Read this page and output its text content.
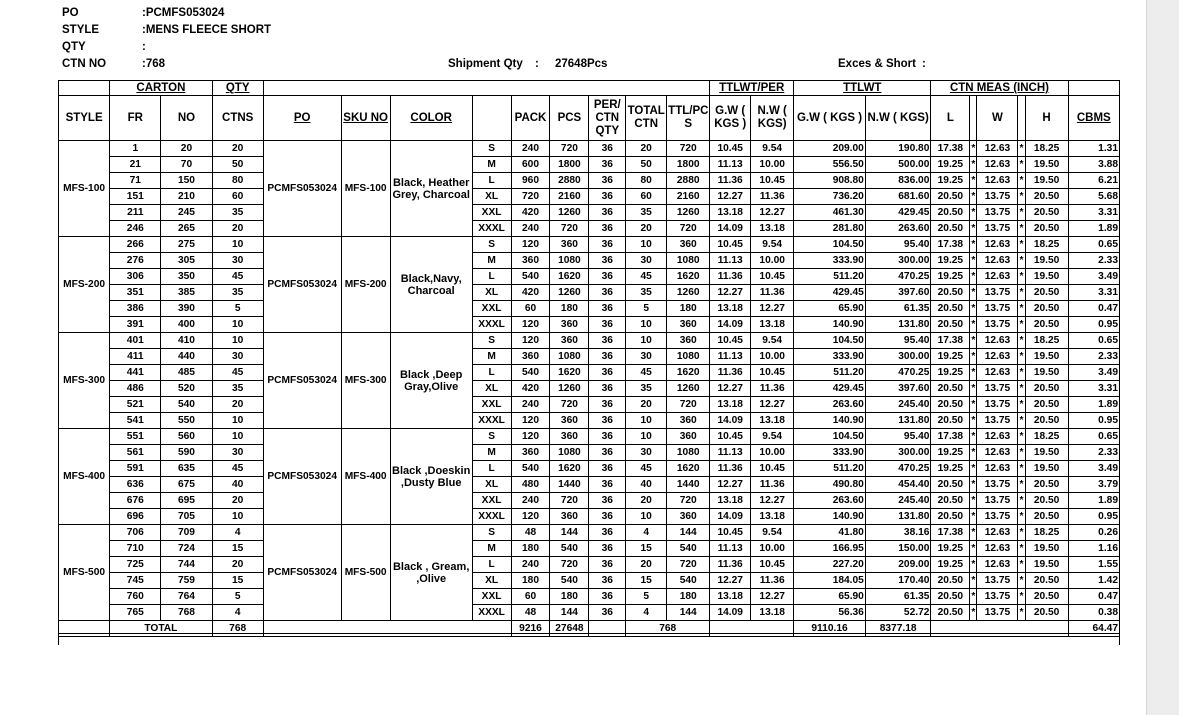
PO	:PCMFS053024
STYLE	:MENS FLEECE SHORT
QTY	:
CTN NO	:768	Shipment Qty : 27648Pcs	Exces & Short :
	CARTON		QTY										TTLWT/PER		TTLWT		CTN MEAS (INCH)					
STYLE	FR	NO	CTNS	PO	SKU NO	COLOR		PACK	PCS	PER/ CTN QTY	TOTAL CTN	TTL/PC S	G.W ( KGS )	N.W ( KGS)	G.W ( KGS )	N.W ( KGS)	L		W		H	CBMS
MFS-100	1	20	20	PCMFS053024	MFS-100	Black, Heather Grey, Charcoal	S	240	720	36	20	720	10.45	9.54	209.00	190.80	17.38	*	12.63	*	18.25	1.31
	21	70	50				M	600	1800	36	50	1800	11.13	10.00	556.50	500.00	19.25	*	12.63	*	19.50	3.88
	71	150	80				L	960	2880	36	80	2880	11.36	10.45	908.80	836.00	19.25	*	12.63	*	19.50	6.21
	151	210	60				XL	720	2160	36	60	2160	12.27	11.36	736.20	681.60	20.50	*	13.75	*	20.50	5.68
	211	245	35				XXL	420	1260	36	35	1260	13.18	12.27	461.30	429.45	20.50	*	13.75	*	20.50	3.31
	246	265	20				XXXL	240	720	36	20	720	14.09	13.18	281.80	263.60	20.50	*	13.75	*	20.50	1.89
MFS-200	266	275	10	PCMFS053024	MFS-200	Black,Navy, Charcoal	S	120	360	36	10	360	10.45	9.54	104.50	95.40	17.38	*	12.63	*	18.25	0.65
	276	305	30				M	360	1080	36	30	1080	11.13	10.00	333.90	300.00	19.25	*	12.63	*	19.50	2.33
	306	350	45				L	540	1620	36	45	1620	11.36	10.45	511.20	470.25	19.25	*	12.63	*	19.50	3.49
	351	385	35				XL	420	1260	36	35	1260	12.27	11.36	429.45	397.60	20.50	*	13.75	*	20.50	3.31
	386	390	5				XXL	60	180	36	5	180	13.18	12.27	65.90	61.35	20.50	*	13.75	*	20.50	0.47
	391	400	10				XXXL	120	360	36	10	360	14.09	13.18	140.90	131.80	20.50	*	13.75	*	20.50	0.95
MFS-300	401	410	10	PCMFS053024	MFS-300	Black ,Deep Gray,Olive	S	120	360	36	10	360	10.45	9.54	104.50	95.40	17.38	*	12.63	*	18.25	0.65
	411	440	30				M	360	1080	36	30	1080	11.13	10.00	333.90	300.00	19.25	*	12.63	*	19.50	2.33
	441	485	45				L	540	1620	36	45	1620	11.36	10.45	511.20	470.25	19.25	*	12.63	*	19.50	3.49
	486	520	35				XL	420	1260	36	35	1260	12.27	11.36	429.45	397.60	20.50	*	13.75	*	20.50	3.31
	521	540	20				XXL	240	720	36	20	720	13.18	12.27	263.60	245.40	20.50	*	13.75	*	20.50	1.89
	541	550	10				XXXL	120	360	36	10	360	14.09	13.18	140.90	131.80	20.50	*	13.75	*	20.50	0.95
MFS-400	551	560	10	PCMFS053024	MFS-400	Black ,Doeskin ,Dusty Blue	S	120	360	36	10	360	10.45	9.54	104.50	95.40	17.38	*	12.63	*	18.25	0.65
	561	590	30				M	360	1080	36	30	1080	11.13	10.00	333.90	300.00	19.25	*	12.63	*	19.50	2.33
	591	635	45				L	540	1620	36	45	1620	11.36	10.45	511.20	470.25	19.25	*	12.63	*	19.50	3.49
	636	675	40				XL	480	1440	36	40	1440	12.27	11.36	490.80	454.40	20.50	*	13.75	*	20.50	3.79
	676	695	20				XXL	240	720	36	20	720	13.18	12.27	263.60	245.40	20.50	*	13.75	*	20.50	1.89
	696	705	10				XXXL	120	360	36	10	360	14.09	13.18	140.90	131.80	20.50	*	13.75	*	20.50	0.95
MFS-500	706	709	4	PCMFS053024	MFS-500	Black , Gream, ,Olive	S	48	144	36	4	144	10.45	9.54	41.80	38.16	17.38	*	12.63	*	18.25	0.26
	710	724	15				M	180	540	36	15	540	11.13	10.00	166.95	150.00	19.25	*	12.63	*	19.50	1.16
	725	744	20				L	240	720	36	20	720	11.36	10.45	227.20	209.00	19.25	*	12.63	*	19.50	1.55
	745	759	15				XL	180	540	36	15	540	12.27	11.36	184.05	170.40	20.50	*	13.75	*	20.50	1.42
	760	764	5				XXL	60	180	36	5	180	13.18	12.27	65.90	61.35	20.50	*	13.75	*	20.50	0.47
	765	768	4				XXXL	48	144	36	4	144	14.09	13.18	56.36	52.72	20.50	*	13.75	*	20.50	0.38
	TOTAL		768					9216	27648		768				9110.16	8377.18						64.47
